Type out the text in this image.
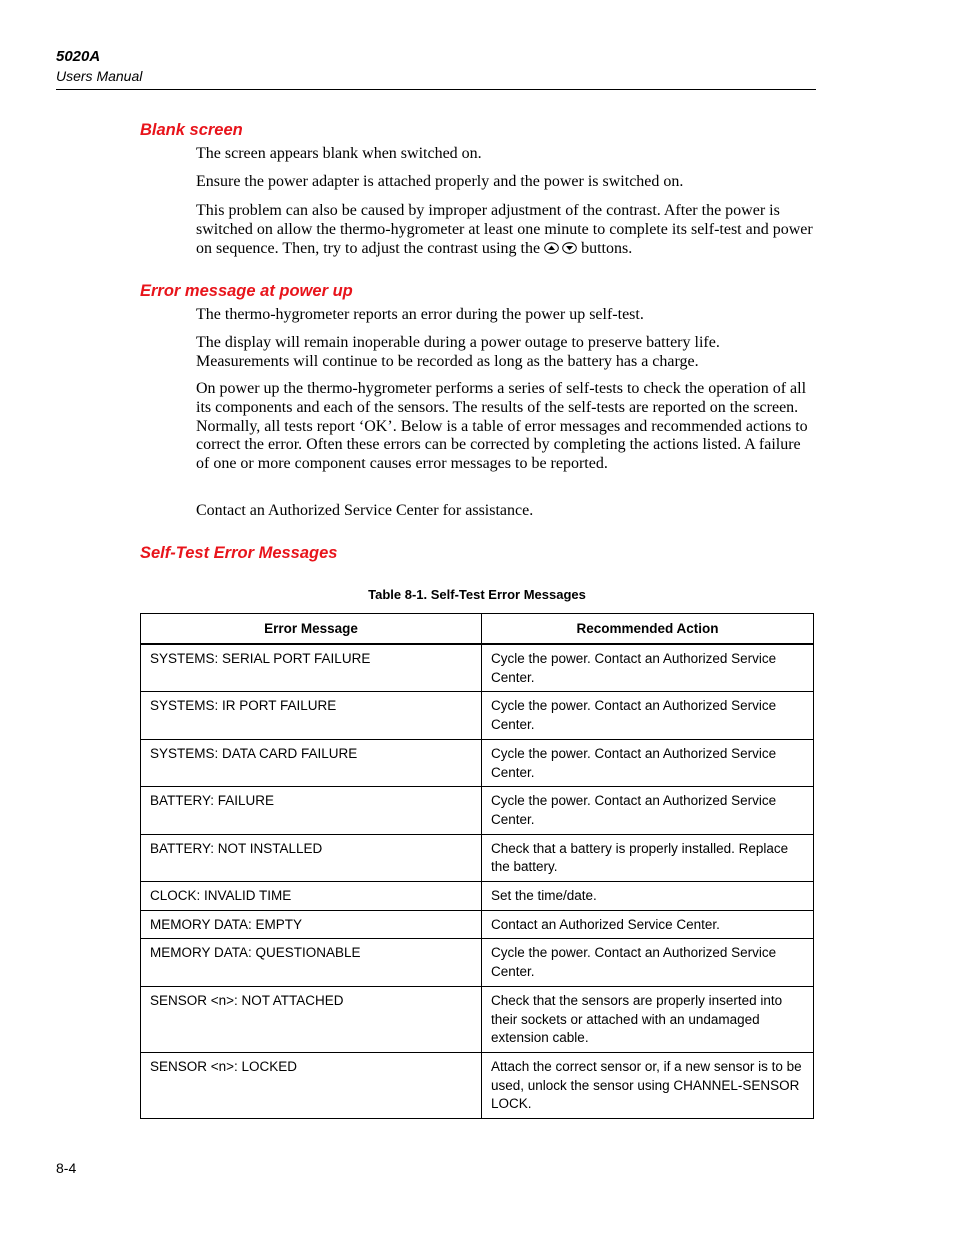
5020A
Users Manual
Blank screen

The screen appears blank when switched on.

Ensure the power adapter is attached properly and the power is switched on.

This problem can also be caused by improper adjustment of the contrast. After the power is switched on allow the thermo-hygrometer at least one minute to complete its self-test and power on sequence. Then, try to adjust the contrast using the  buttons.

Error message at power up

The thermo-hygrometer reports an error during the power up self-test.

The display will remain inoperable during a power outage to preserve battery life. Measurements will continue to be recorded as long as the battery has a charge.

On power up the thermo-hygrometer performs a series of self-tests to check the operation of all its components and each of the sensors. The results of the self-tests are reported on the screen. Normally, all tests report ‘OK’. Below is a table of error messages and recommended actions to correct the error. Often these errors can be corrected by completing the actions listed. A failure of one or more component causes error messages to be reported.

Contact an Authorized Service Center for assistance.

Self-Test Error Messages
Table 8-1. Self-Test Error Messages
Error Message	Recommended Action
SYSTEMS: SERIAL PORT FAILURE	Cycle the power. Contact an Authorized Service Center.
SYSTEMS: IR PORT FAILURE	Cycle the power. Contact an Authorized Service Center.
SYSTEMS: DATA CARD FAILURE	Cycle the power. Contact an Authorized Service Center.
BATTERY: FAILURE	Cycle the power. Contact an Authorized Service Center.
BATTERY: NOT INSTALLED	Check that a battery is properly installed. Replace the battery.
CLOCK: INVALID TIME	Set the time/date.
MEMORY DATA: EMPTY	Contact an Authorized Service Center.
MEMORY DATA: QUESTIONABLE	Cycle the power. Contact an Authorized Service Center.
SENSOR <n>: NOT ATTACHED	Check that the sensors are properly inserted into their sockets or attached with an undamaged extension cable.
SENSOR <n>: LOCKED	Attach the correct sensor or, if a new sensor is to be used, unlock the sensor using CHANNEL-SENSOR LOCK.
8-4
